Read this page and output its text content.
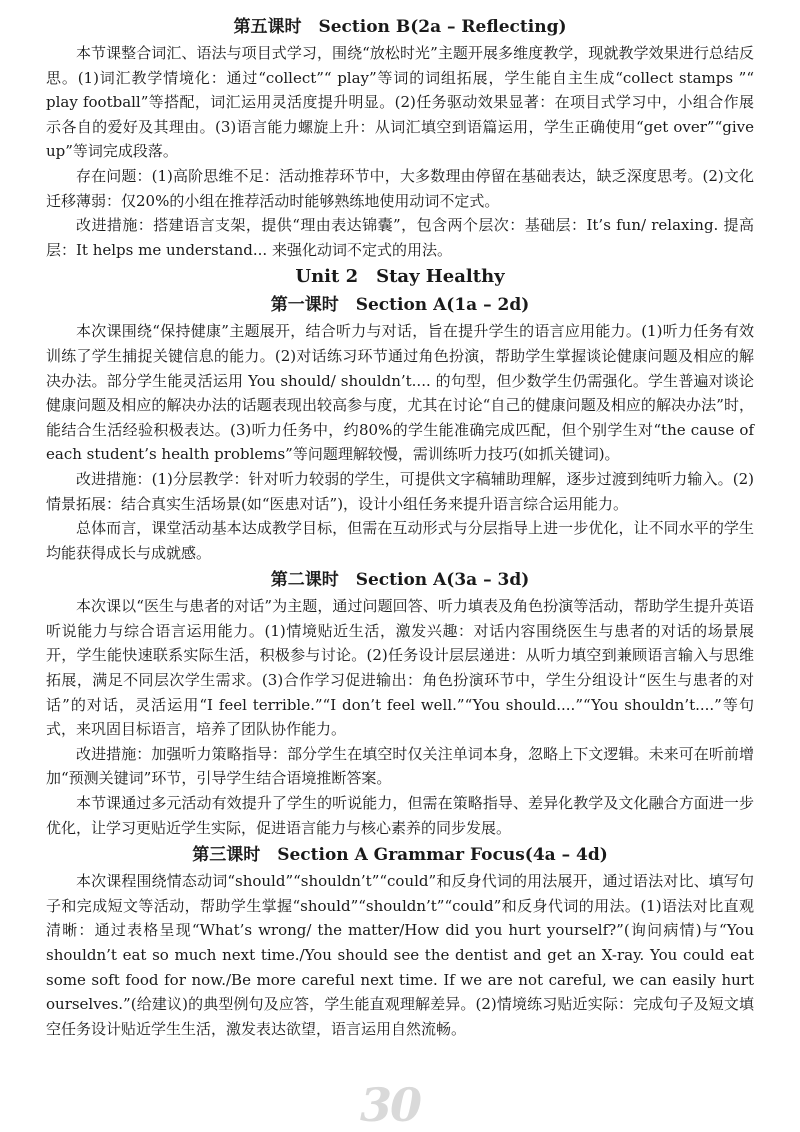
第五课时　Section B(2a – Reflecting)

本节课整合词汇、语法与项目式学习，围绕“放松时光”主题开展多维度教学，现就教学效果进行总结反思。(1)词汇教学情境化：通过“collect”“ play”等词的词组拓展，学生能自主生成“collect stamps ”“ play football”等搭配，词汇运用灵活度提升明显。(2)任务驱动效果显著：在项目式学习中，小组合作展示各自的爱好及其理由。(3)语言能力螺旋上升：从词汇填空到语篇运用，学生正确使用“get over”“give up”等词完成段落。

存在问题：(1)高阶思维不足：活动推荐环节中，大多数理由停留在基础表达，缺乏深度思考。(2)文化迁移薄弱：仅20%的小组在推荐活动时能够熟练地使用动词不定式。

改进措施：搭建语言支架，提供“理由表达锦囊”，包含两个层次：基础层：It’s fun/ relaxing. 提高层：It helps me understand... 来强化动词不定式的用法。

Unit 2　Stay Healthy
第一课时　Section A(1a – 2d)

本次课围绕“保持健康”主题展开，结合听力与对话，旨在提升学生的语言应用能力。(1)听力任务有效训练了学生捕捉关键信息的能力。(2)对话练习环节通过角色扮演，帮助学生掌握谈论健康问题及相应的解决办法。部分学生能灵活运用 You should/ shouldn’t.... 的句型，但少数学生仍需强化。学生普遍对谈论健康问题及相应的解决办法的话题表现出较高参与度，尤其在讨论“自己的健康问题及相应的解决办法”时，能结合生活经验积极表达。(3)听力任务中，约80%的学生能准确完成匹配，但个别学生对“the cause of each student’s health problems”等问题理解较慢，需训练听力技巧(如抓关键词)。

改进措施：(1)分层教学：针对听力较弱的学生，可提供文字稿辅助理解，逐步过渡到纯听力输入。(2)情景拓展：结合真实生活场景(如“医患对话”)，设计小组任务来提升语言综合运用能力。

总体而言，课堂活动基本达成教学目标，但需在互动形式与分层指导上进一步优化，让不同水平的学生均能获得成长与成就感。

第二课时　Section A(3a – 3d)

本次课以“医生与患者的对话”为主题，通过问题回答、听力填表及角色扮演等活动，帮助学生提升英语听说能力与综合语言运用能力。(1)情境贴近生活，激发兴趣：对话内容围绕医生与患者的对话的场景展开，学生能快速联系实际生活，积极参与讨论。(2)任务设计层层递进：从听力填空到兼顾语言输入与思维拓展，满足不同层次学生需求。(3)合作学习促进输出：角色扮演环节中，学生分组设计“医生与患者的对话”的对话，灵活运用“I feel terrible.”“I don’t feel well.”“You should....”“You shouldn’t....”等句式，来巩固目标语言，培养了团队协作能力。

改进措施：加强听力策略指导：部分学生在填空时仅关注单词本身，忽略上下文逻辑。未来可在听前增加“预测关键词”环节，引导学生结合语境推断答案。

本节课通过多元活动有效提升了学生的听说能力，但需在策略指导、差异化教学及文化融合方面进一步优化，让学习更贴近学生实际，促进语言能力与核心素养的同步发展。

第三课时　Section A Grammar Focus(4a – 4d)

本次课程围绕情态动词“should”“shouldn’t”“could”和反身代词的用法展开，通过语法对比、填写句子和完成短文等活动，帮助学生掌握“should”“shouldn’t”“could”和反身代词的用法。(1)语法对比直观清晰：通过表格呈现“What’s wrong/ the matter/How did you hurt yourself?”(询问病情)与“You shouldn’t eat so much next time./You should see the dentist and get an X-ray. You could eat some soft food for now./Be more careful next time. If we are not careful, we can easily hurt ourselves.”(给建议)的典型例句及应答，学生能直观理解差异。(2)情境练习贴近实际：完成句子及短文填空任务设计贴近学生生活，激发表达欲望，语言运用自然流畅。

30
